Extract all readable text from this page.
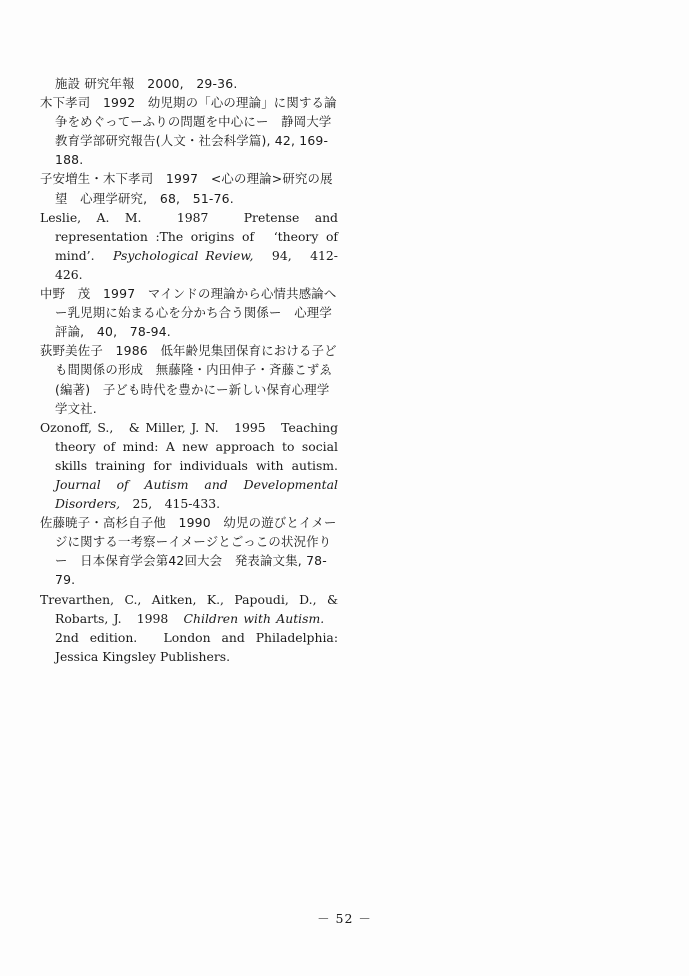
施設 研究年報　2000,　29-36.

木下孝司　1992　幼児期の「心の理論」に関する論争をめぐってーふりの問題を中心にー　静岡大学教育学部研究報告(人文・社会科学篇), 42, 169-188.

子安増生・木下孝司　1997　<心の理論>研究の展望　心理学研究,　68,　51-76.

Leslie, A. M.　1987　Pretense and representation :The origins of　‘theory of mind’.　Psychological Review,　94,　412-426.

中野　茂　1997　マインドの理論から心情共感論へー乳児期に始まる心を分かち合う関係ー　心理学評論,　40,　78-94.

荻野美佐子　1986　低年齢児集団保育における子ども間関係の形成　無藤隆・内田伸子・斉藤こずゑ(編著)　子ども時代を豊かにー新しい保育心理学　学文社.

Ozonoff, S.,　& Miller, J. N.　1995　Teaching theory of mind: A new approach to social skills training for individuals with autism.　Journal of Autism and Developmental Disorders,　25,　415-433.

佐藤暁子・高杉自子他　1990　幼児の遊びとイメージに関する一考察ーイメージとごっこの状況作りー　日本保育学会第42回大会　発表論文集, 78-79.

Trevarthen, C., Aitken, K., Papoudi, D., & Robarts, J.　1998　Children with Autism.　2nd edition.　London and Philadelphia: Jessica Kingsley Publishers.

－ 52 －
